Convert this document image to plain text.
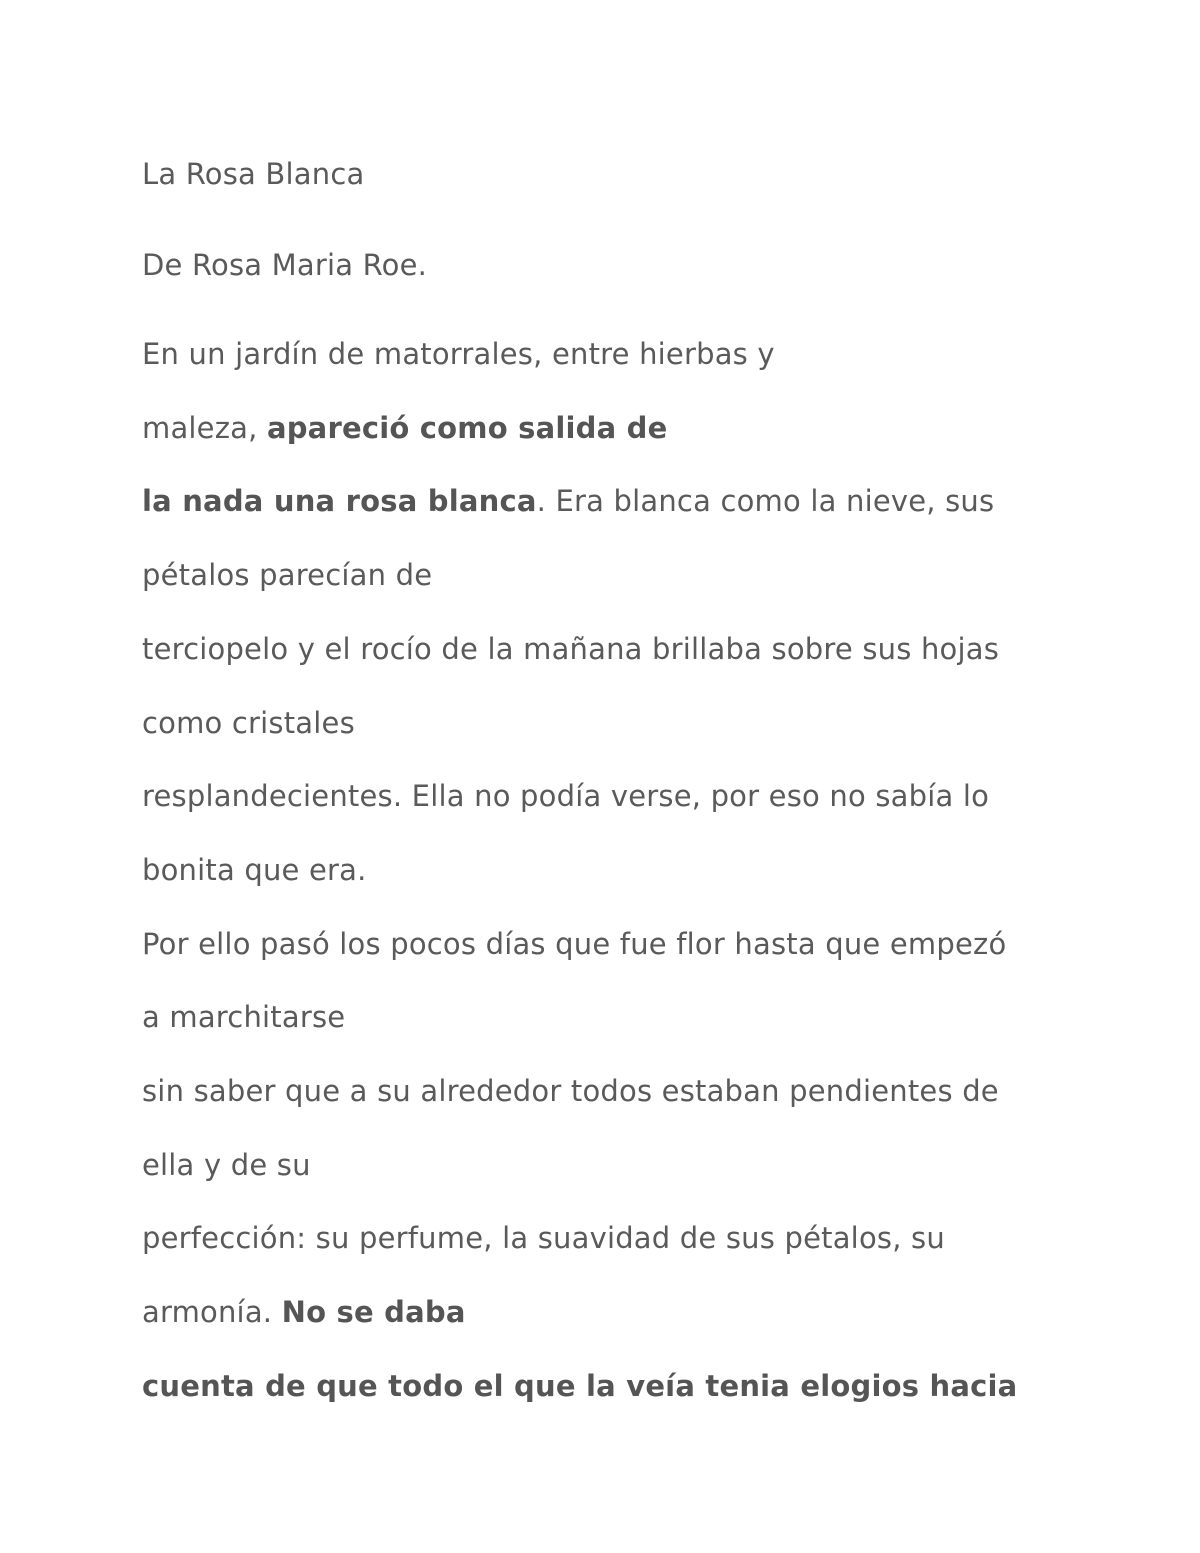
La Rosa Blanca
De Rosa Maria Roe.
En un jardín de matorrales, entre hierbas y
maleza, apareció como salida de
la nada una rosa blanca. Era blanca como la nieve, sus
pétalos parecían de
terciopelo y el rocío de la mañana brillaba sobre sus hojas
como cristales
resplandecientes. Ella no podía verse, por eso no sabía lo
bonita que era.
Por ello pasó los pocos días que fue flor hasta que empezó
a marchitarse
sin saber que a su alrededor todos estaban pendientes de
ella y de su
perfección: su perfume, la suavidad de sus pétalos, su
armonía. No se daba
cuenta de que todo el que la veía tenia elogios hacia
